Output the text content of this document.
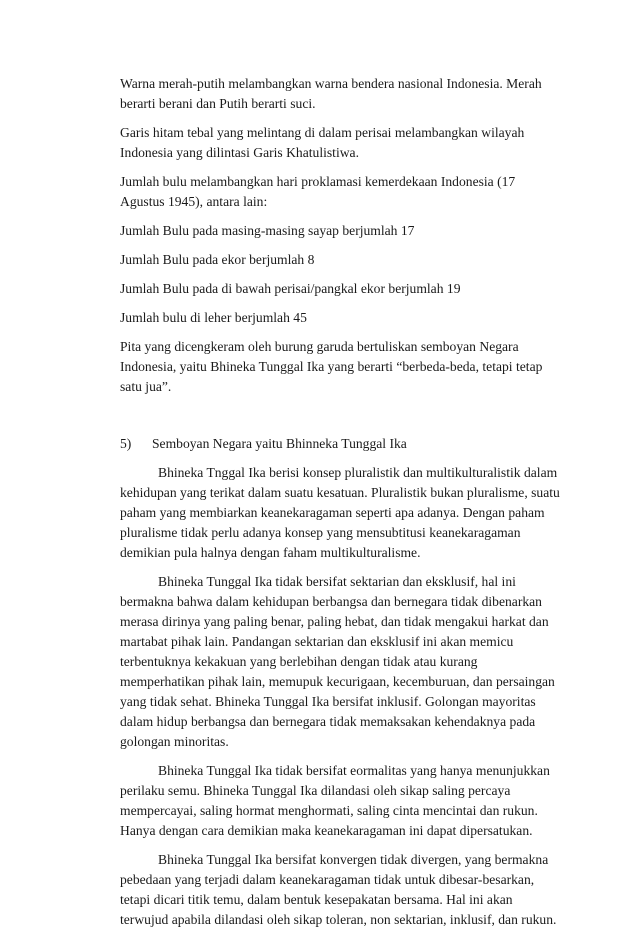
Warna merah-putih melambangkan warna bendera nasional Indonesia. Merah berarti berani dan Putih berarti suci.

Garis hitam tebal yang melintang di dalam perisai melambangkan wilayah Indonesia yang dilintasi Garis Khatulistiwa.

Jumlah bulu melambangkan hari proklamasi kemerdekaan Indonesia (17 Agustus 1945), antara lain:

Jumlah Bulu pada masing-masing sayap berjumlah 17

Jumlah Bulu pada ekor berjumlah 8

Jumlah Bulu pada di bawah perisai/pangkal ekor berjumlah 19

Jumlah bulu di leher berjumlah 45

Pita yang dicengkeram oleh burung garuda bertuliskan semboyan Negara Indonesia, yaitu Bhineka Tunggal Ika yang berarti “berbeda-beda, tetapi tetap satu jua”.

5)	Semboyan Negara yaitu Bhinneka Tunggal Ika

Bhineka Tnggal Ika berisi konsep pluralistik dan multikulturalistik dalam kehidupan yang terikat dalam suatu kesatuan. Pluralistik bukan pluralisme, suatu paham yang membiarkan keanekaragaman seperti apa adanya. Dengan paham pluralisme tidak perlu adanya konsep yang mensubtitusi keanekaragaman demikian pula halnya dengan faham multikulturalisme.

Bhineka Tunggal Ika tidak bersifat sektarian dan eksklusif, hal ini bermakna bahwa dalam kehidupan berbangsa dan bernegara tidak dibenarkan merasa dirinya yang paling benar, paling hebat, dan tidak mengakui harkat dan martabat pihak lain. Pandangan sektarian dan eksklusif ini akan memicu terbentuknya kekakuan yang berlebihan dengan tidak atau kurang memperhatikan pihak lain, memupuk kecurigaan, kecemburuan, dan persaingan yang tidak sehat. Bhineka Tunggal Ika bersifat inklusif. Golongan mayoritas dalam hidup berbangsa dan bernegara tidak memaksakan kehendaknya pada golongan minoritas.

Bhineka Tunggal Ika tidak bersifat eormalitas yang hanya menunjukkan perilaku semu. Bhineka Tunggal Ika dilandasi oleh sikap saling percaya mempercayai, saling hormat menghormati, saling cinta mencintai dan rukun. Hanya dengan cara demikian maka keanekaragaman ini dapat dipersatukan.

Bhineka Tunggal Ika bersifat konvergen tidak divergen, yang bermakna pebedaan yang terjadi dalam keanekaragaman tidak untuk dibesar-besarkan, tetapi dicari titik temu, dalam bentuk kesepakatan bersama. Hal ini akan terwujud apabila dilandasi oleh sikap toleran, non sektarian, inklusif, dan rukun.
